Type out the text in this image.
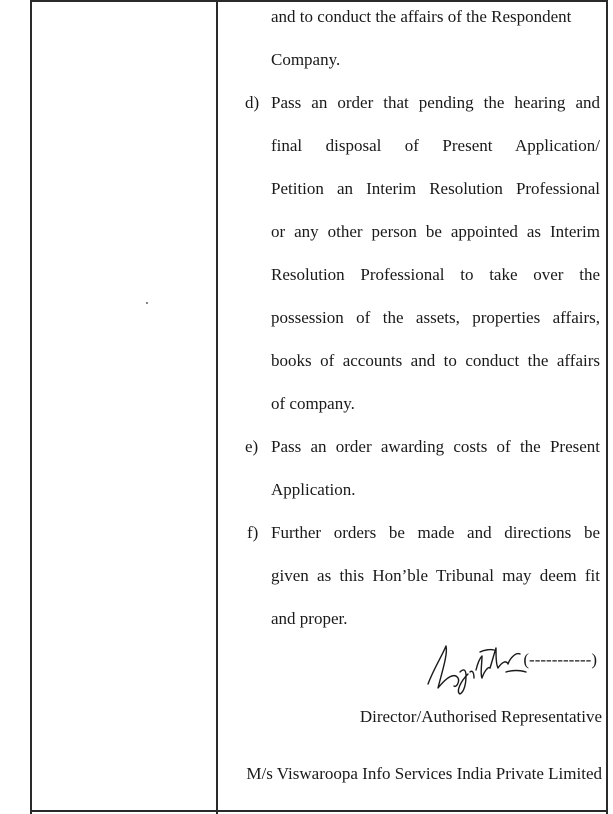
and to conduct the affairs of the Respondent
Company.
d) Pass an order that pending the hearing and
final disposal of Present Application/
Petition an Interim Resolution Professional
or any other person be appointed as Interim
Resolution Professional to take over the
possession of the assets, properties affairs,
books of accounts and to conduct the affairs
of company.
e) Pass an order awarding costs of the Present
Application.
f) Further orders be made and directions be
given as this Hon’ble Tribunal may deem fit
and proper.
(-----------)
Director/Authorised Representative
M/s Viswaroopa Info Services India Private Limited
